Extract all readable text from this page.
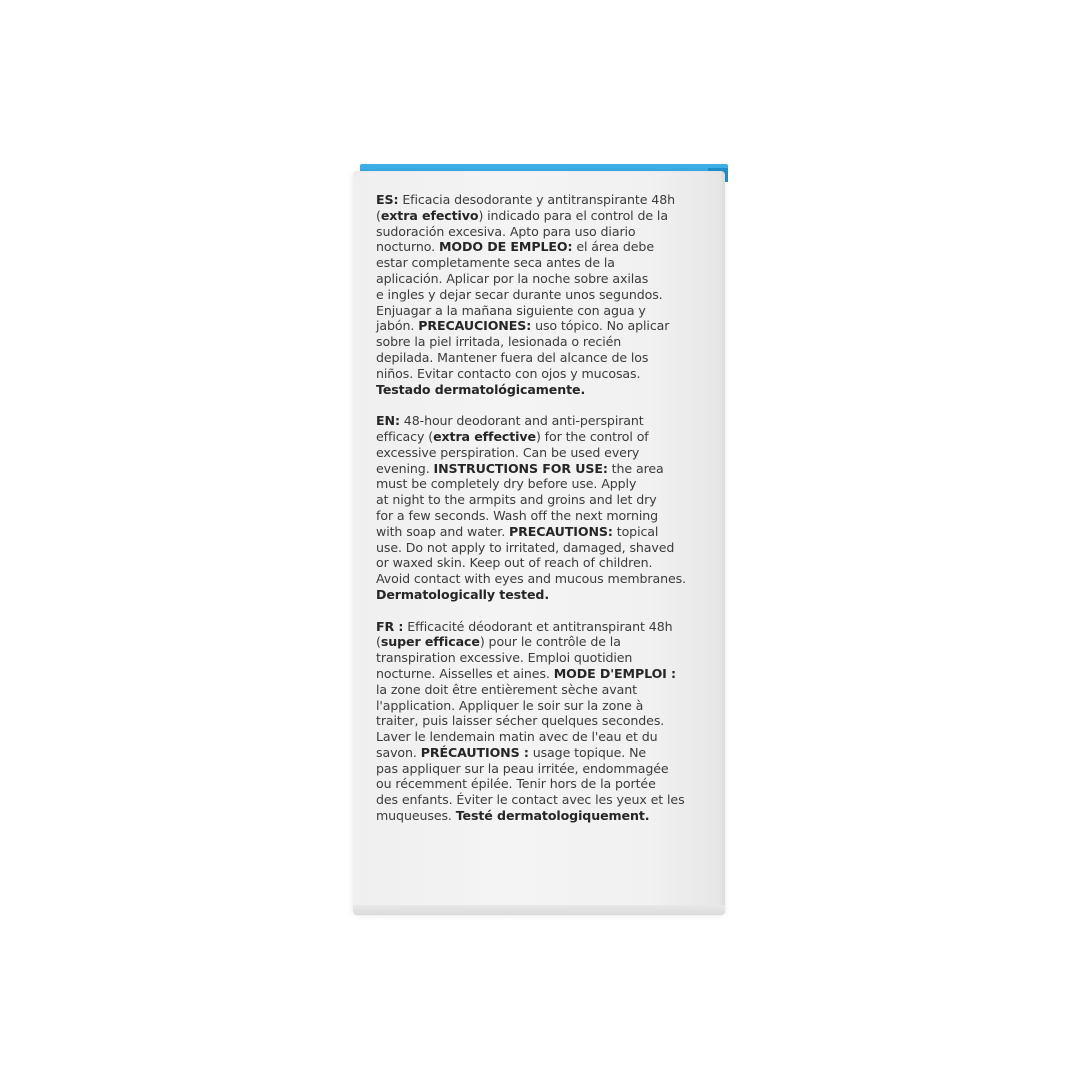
ES: Eficacia desodorante y antitranspirante 48h
(extra efectivo) indicado para el control de la
sudoración excesiva. Apto para uso diario
nocturno. MODO DE EMPLEO: el área debe
estar completamente seca antes de la
aplicación. Aplicar por la noche sobre axilas
e ingles y dejar secar durante unos segundos.
Enjuagar a la mañana siguiente con agua y
jabón. PRECAUCIONES: uso tópico. No aplicar
sobre la piel irritada, lesionada o recién
depilada. Mantener fuera del alcance de los
niños. Evitar contacto con ojos y mucosas.
Testado dermatológicamente.
EN: 48-hour deodorant and anti-perspirant
efficacy (extra effective) for the control of
excessive perspiration. Can be used every
evening. INSTRUCTIONS FOR USE: the area
must be completely dry before use. Apply
at night to the armpits and groins and let dry
for a few seconds. Wash off the next morning
with soap and water. PRECAUTIONS: topical
use. Do not apply to irritated, damaged, shaved
or waxed skin. Keep out of reach of children.
Avoid contact with eyes and mucous membranes.
Dermatologically tested.
FR : Efficacité déodorant et antitranspirant 48h
(super efficace) pour le contrôle de la
transpiration excessive. Emploi quotidien
nocturne. Aisselles et aines. MODE D'EMPLOI :
la zone doit être entièrement sèche avant
l'application. Appliquer le soir sur la zone à
traiter, puis laisser sécher quelques secondes.
Laver le lendemain matin avec de l'eau et du
savon. PRÉCAUTIONS : usage topique. Ne
pas appliquer sur la peau irritée, endommagée
ou récemment épilée. Tenir hors de la portée
des enfants. Éviter le contact avec les yeux et les
muqueuses. Testé dermatologiquement.
